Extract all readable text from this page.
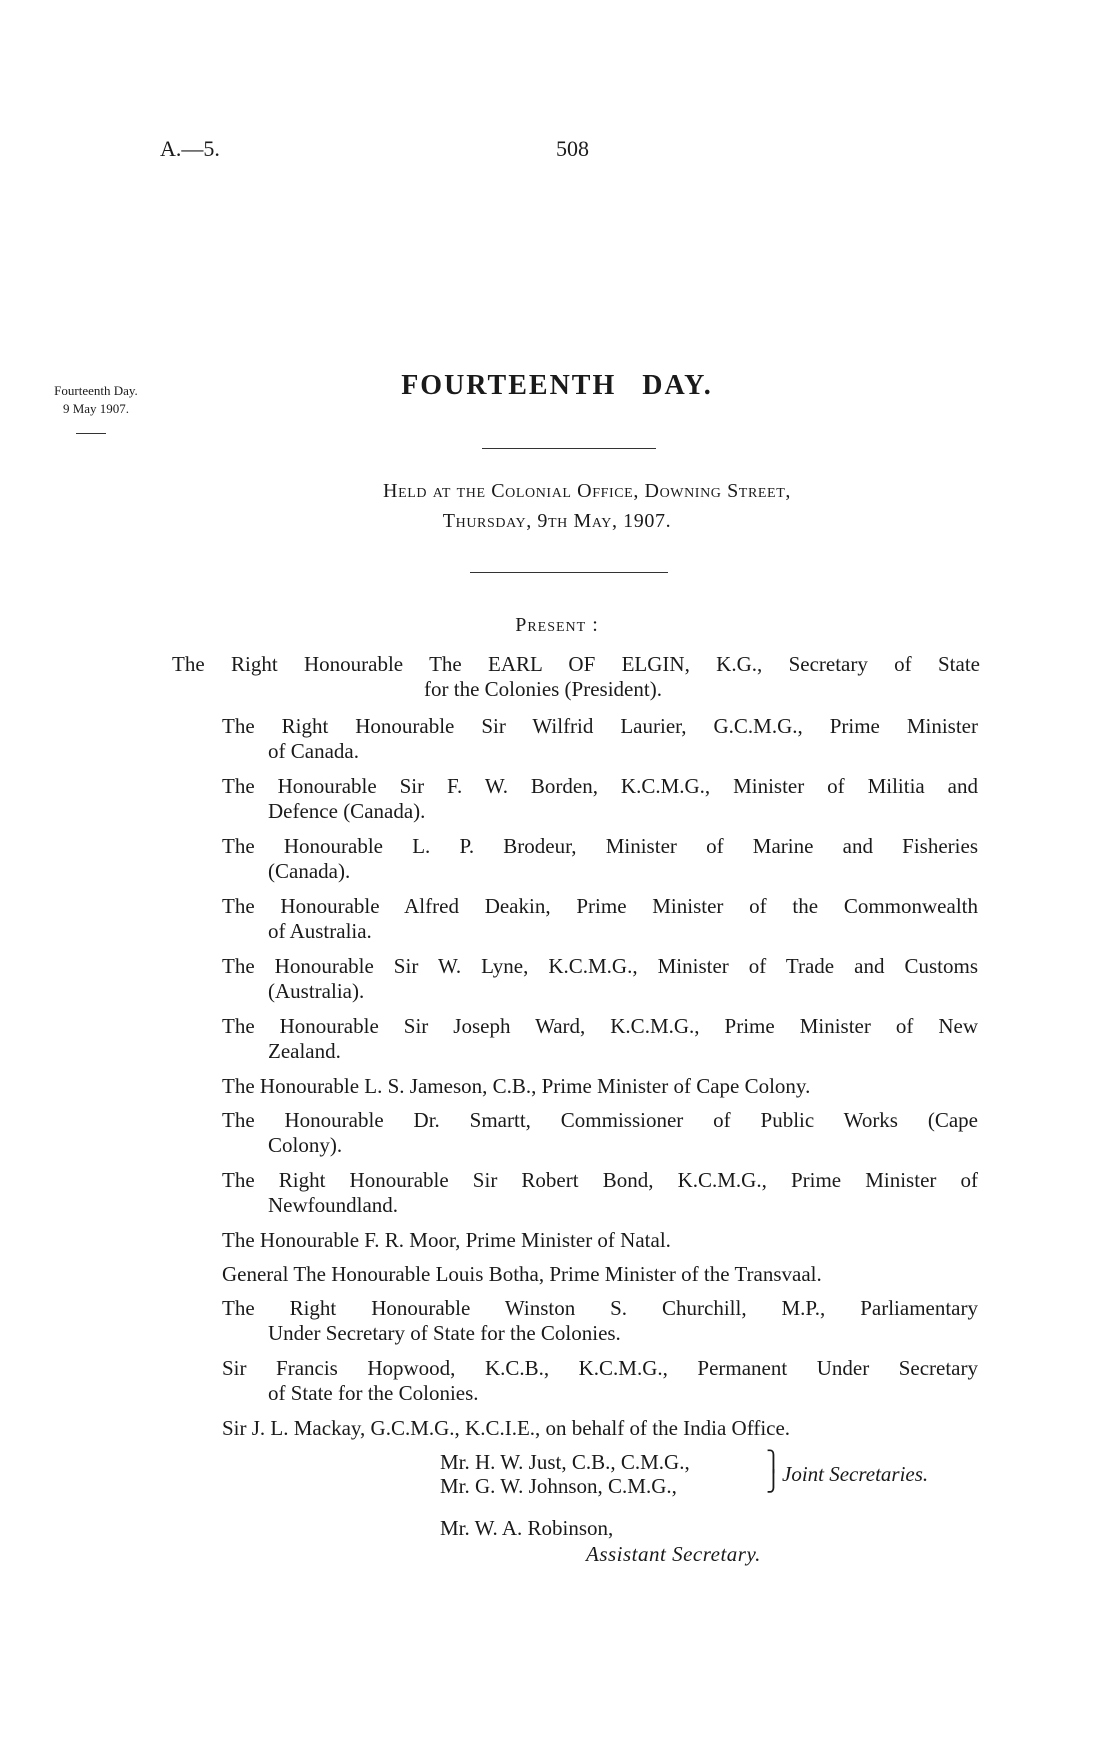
A.—5.	508
Fourteenth Day.
9 May 1907.
FOURTEENTH DAY.
Held at the Colonial Office, Downing Street,
Thursday, 9th May, 1907.
Present :
The Right Honourable The EARL OF ELGIN, K.G., Secretary of State
for the Colonies (President).
The Right Honourable Sir Wilfrid Laurier, G.C.M.G., Prime Minister
of Canada.
The Honourable Sir F. W. Borden, K.C.M.G., Minister of Militia and
Defence (Canada).
The Honourable L. P. Brodeur, Minister of Marine and Fisheries
(Canada).
The Honourable Alfred Deakin, Prime Minister of the Commonwealth
of Australia.
The Honourable Sir W. Lyne, K.C.M.G., Minister of Trade and Customs
(Australia).
The Honourable Sir Joseph Ward, K.C.M.G., Prime Minister of New
Zealand.
The Honourable L. S. Jameson, C.B., Prime Minister of Cape Colony.
The Honourable Dr. Smartt, Commissioner of Public Works (Cape
Colony).
The Right Honourable Sir Robert Bond, K.C.M.G., Prime Minister of
Newfoundland.
The Honourable F. R. Moor, Prime Minister of Natal.
General The Honourable Louis Botha, Prime Minister of the Transvaal.
The Right Honourable Winston S. Churchill, M.P., Parliamentary
Under Secretary of State for the Colonies.
Sir Francis Hopwood, K.C.B., K.C.M.G., Permanent Under Secretary
of State for the Colonies.
Sir J. L. Mackay, G.C.M.G., K.C.I.E., on behalf of the India Office.
Mr. H. W. Just, C.B., C.M.G.,
Mr. G. W. Johnson, C.M.G.,
⎫
⎭ Joint Secretaries.
Mr. W. A. Robinson,
Assistant Secretary.
